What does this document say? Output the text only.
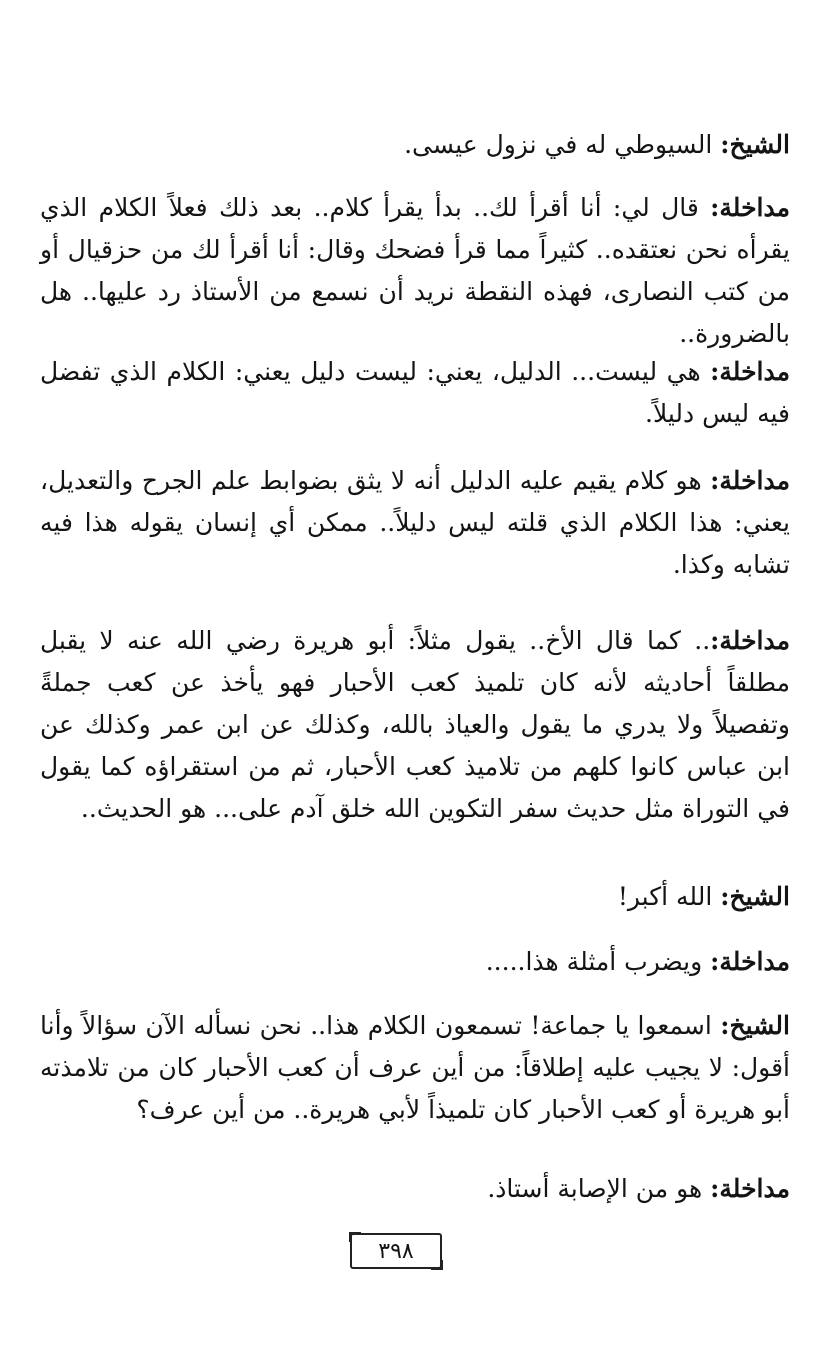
الشيخ: السيوطي له في نزول عيسى.

مداخلة: قال لي: أنا أقرأ لك.. بدأ يقرأ كلام.. بعد ذلك فعلاً الكلام الذي يقرأه نحن نعتقده.. كثيراً مما قرأ فضحك وقال: أنا أقرأ لك من حزقيال أو من كتب النصارى، فهذه النقطة نريد أن نسمع من الأستاذ رد عليها.. هل بالضرورة..

مداخلة: هي ليست... الدليل، يعني: ليست دليل يعني: الكلام الذي تفضل فيه ليس دليلاً.

مداخلة: هو كلام يقيم عليه الدليل أنه لا يثق بضوابط علم الجرح والتعديل، يعني: هذا الكلام الذي قلته ليس دليلاً.. ممكن أي إنسان يقوله هذا فيه تشابه وكذا.

مداخلة:.. كما قال الأخ.. يقول مثلاً: أبو هريرة رضي الله عنه لا يقبل مطلقاً أحاديثه لأنه كان تلميذ كعب الأحبار فهو يأخذ عن كعب جملةً وتفصيلاً ولا يدري ما يقول والعياذ بالله، وكذلك عن ابن عمر وكذلك عن ابن عباس كانوا كلهم من تلاميذ كعب الأحبار، ثم من استقراؤه كما يقول في التوراة مثل حديث سفر التكوين الله خلق آدم على... هو الحديث..

الشيخ: الله أكبر!

مداخلة: ويضرب أمثلة هذا.....

الشيخ: اسمعوا يا جماعة! تسمعون الكلام هذا.. نحن نسأله الآن سؤالاً وأنا أقول: لا يجيب عليه إطلاقاً: من أين عرف أن كعب الأحبار كان من تلامذته أبو هريرة أو كعب الأحبار كان تلميذاً لأبي هريرة.. من أين عرف؟

مداخلة: هو من الإصابة أستاذ.

٣٩٨
